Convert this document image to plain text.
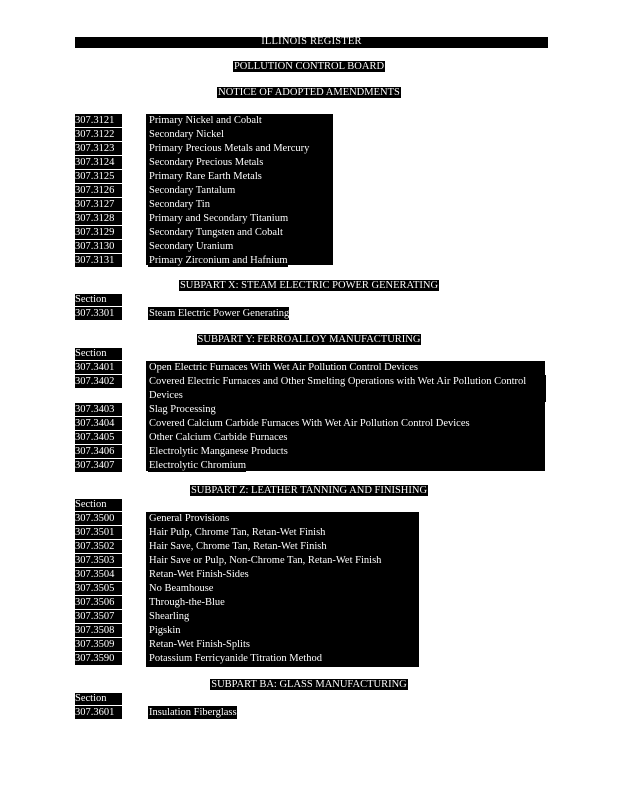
ILLINOIS REGISTER
POLLUTION CONTROL BOARD
NOTICE OF ADOPTED AMENDMENTS
307.3121	Primary Nickel and Cobalt
307.3122	Secondary Nickel
307.3123	Primary Precious Metals and Mercury
307.3124	Secondary Precious Metals
307.3125	Primary Rare Earth Metals
307.3126	Secondary Tantalum
307.3127	Secondary Tin
307.3128	Primary and Secondary Titanium
307.3129	Secondary Tungsten and Cobalt
307.3130	Secondary Uranium
307.3131	Primary Zirconium and Hafnium
SUBPART X: STEAM ELECTRIC POWER GENERATING
Section
307.3301	Steam Electric Power Generating
SUBPART Y: FERROALLOY MANUFACTURING
Section
307.3401	Open Electric Furnaces With Wet Air Pollution Control Devices
307.3402	Covered Electric Furnaces and Other Smelting Operations with Wet Air Pollution Control Devices
307.3403	Slag Processing
307.3404	Covered Calcium Carbide Furnaces With Wet Air Pollution Control Devices
307.3405	Other Calcium Carbide Furnaces
307.3406	Electrolytic Manganese Products
307.3407	Electrolytic Chromium
SUBPART Z: LEATHER TANNING AND FINISHING
Section
307.3500	General Provisions
307.3501	Hair Pulp, Chrome Tan, Retan-Wet Finish
307.3502	Hair Save, Chrome Tan, Retan-Wet Finish
307.3503	Hair Save or Pulp, Non-Chrome Tan, Retan-Wet Finish
307.3504	Retan-Wet Finish-Sides
307.3505	No Beamhouse
307.3506	Through-the-Blue
307.3507	Shearling
307.3508	Pigskin
307.3509	Retan-Wet Finish-Splits
307.3590	Potassium Ferricyanide Titration Method
SUBPART BA: GLASS MANUFACTURING
Section
307.3601	Insulation Fiberglass
